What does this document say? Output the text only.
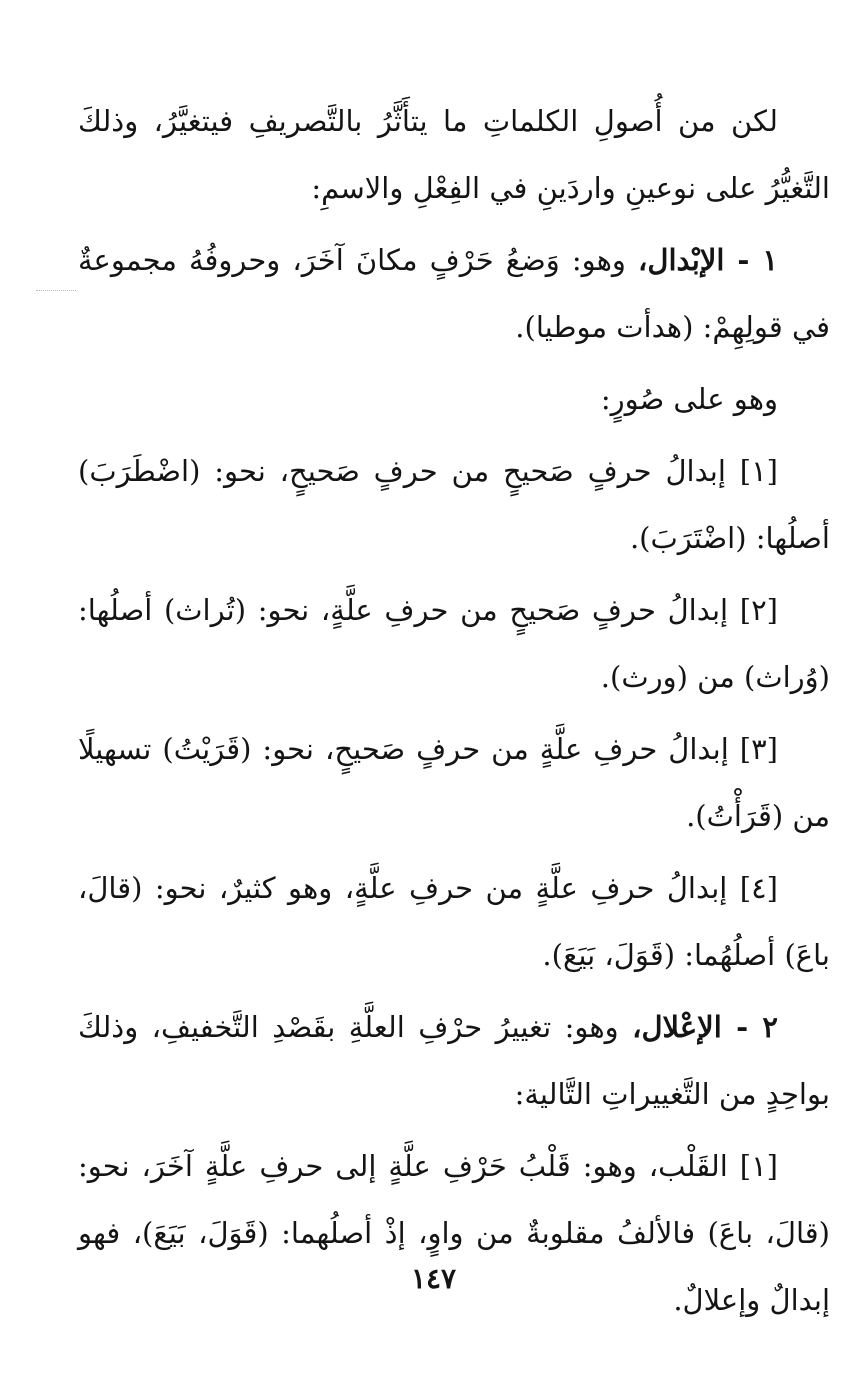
لكن من أُصولِ الكلماتِ ما يتأَثَّرُ بالتَّصريفِ فيتغيَّرُ، وذلكَ التَّغيُّرُ على نوعينِ واردَينِ في الفِعْلِ والاسمِ:

١ - الإبْدال، وهو: وَضعُ حَرْفٍ مكانَ آخَرَ، وحروفُهُ مجموعةٌ في قولِهِمْ: (هدأت موطيا).

وهو على صُورٍ:

[١] إبدالُ حرفٍ صَحيحٍ من حرفٍ صَحيحٍ، نحو: (اضْطَرَبَ) أصلُها: (اضْتَرَبَ).

[٢] إبدالُ حرفٍ صَحيحٍ من حرفِ علَّةٍ، نحو: (تُراث) أصلُها: (وُراث) من (ورث).

[٣] إبدالُ حرفِ علَّةٍ من حرفٍ صَحيحٍ، نحو: (قَرَيْتُ) تسهيلًا من (قَرَأْتُ).

[٤] إبدالُ حرفِ علَّةٍ من حرفِ علَّةٍ، وهو كثيرٌ، نحو: (قالَ، باعَ) أصلُهُما: (قَوَلَ، بَيَعَ).

٢ - الإعْلال، وهو: تغييرُ حرْفِ العلَّةِ بقَصْدِ التَّخفيفِ، وذلكَ بواحِدٍ من التَّغييراتِ التَّالية:

[١] القَلْب، وهو: قَلْبُ حَرْفِ علَّةٍ إلى حرفِ علَّةٍ آخَرَ، نحو: (قالَ، باعَ) فالألفُ مقلوبةٌ من واوٍ، إذْ أصلُهما: (قَوَلَ، بَيَعَ)، فهو إبدالٌ وإعلالٌ.

١٤٧
